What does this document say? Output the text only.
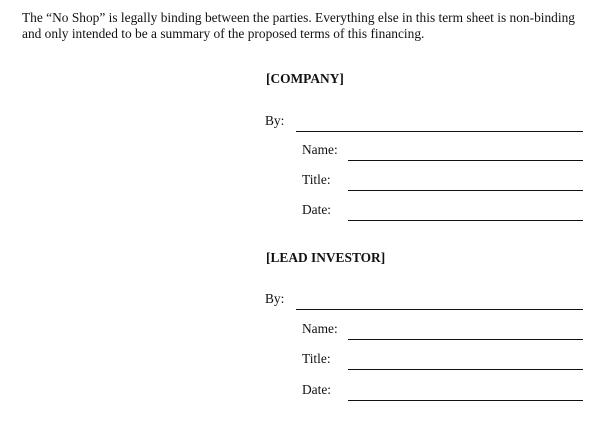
The “No Shop” is legally binding between the parties. Everything else in this term sheet is non-binding
and only intended to be a summary of the proposed terms of this financing.

[COMPANY]

By:
Name:
Title:
Date:

[LEAD INVESTOR]

By:
Name:
Title:
Date:
